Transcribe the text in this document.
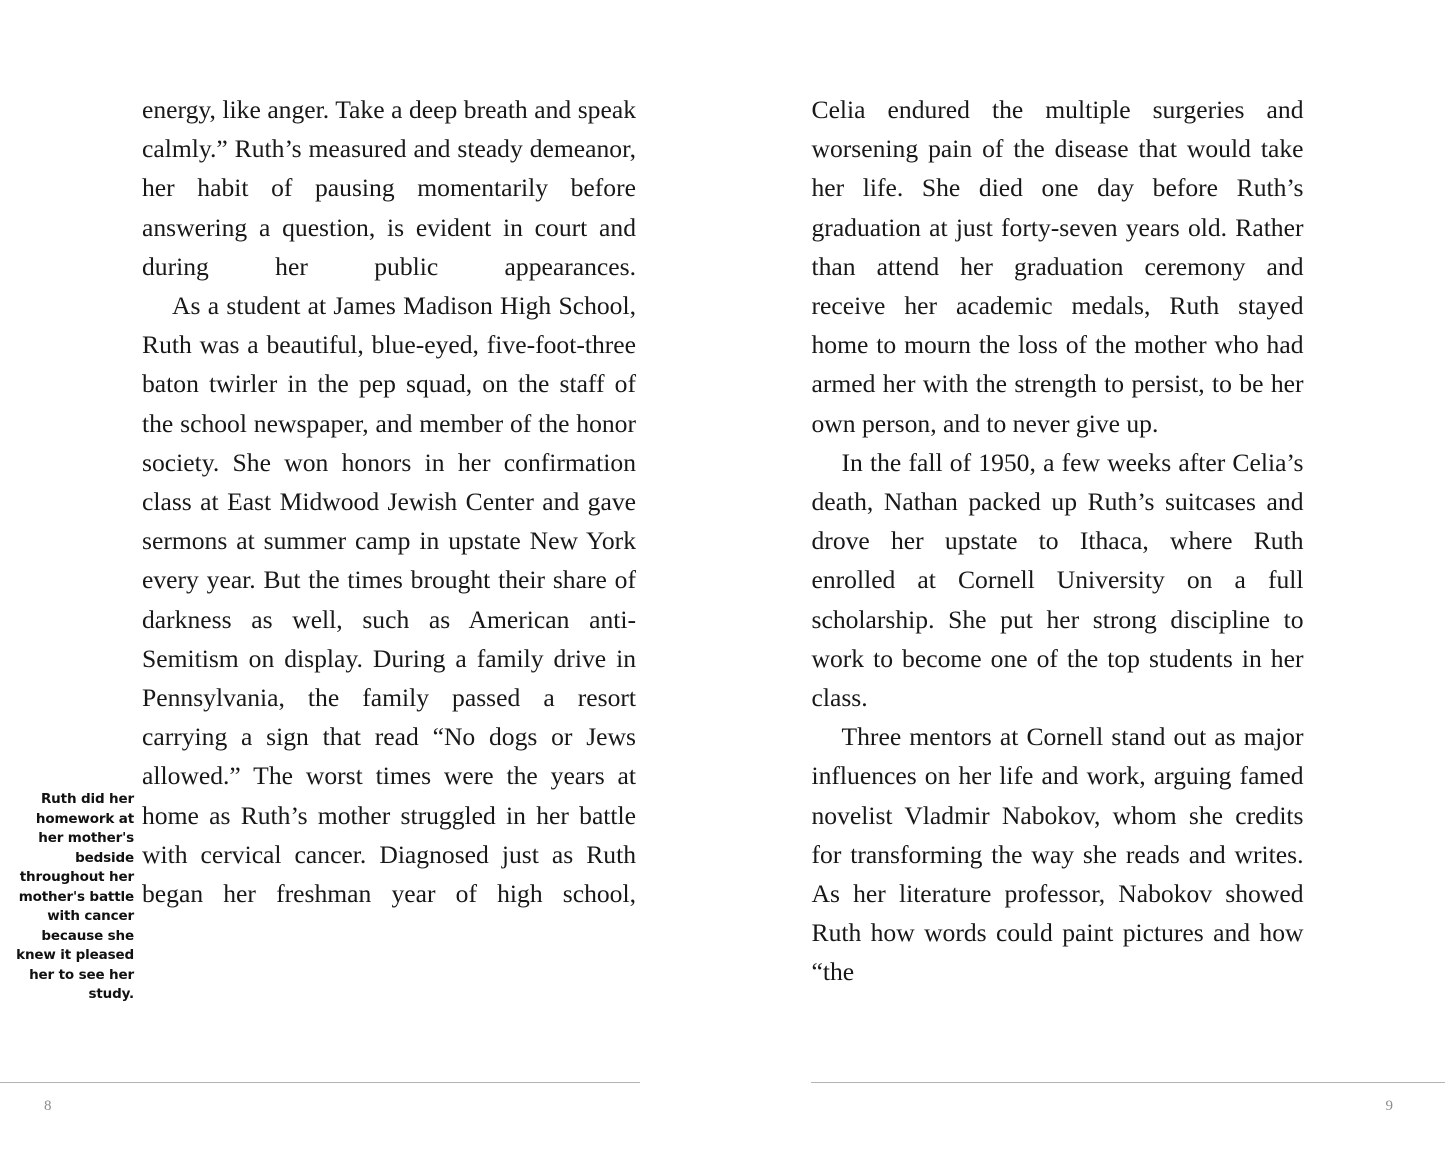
Ruth did her homework at her mother's bedside throughout her mother's battle with cancer because she knew it pleased her to see her study.

energy, like anger. Take a deep breath and speak calmly.” Ruth’s measured and steady demeanor, her habit of pausing momentarily before answering a question, is evident in court and during her public appearances.

As a student at James Madison High School, Ruth was a beautiful, blue-eyed, five-foot-three baton twirler in the pep squad, on the staff of the school newspaper, and member of the honor society. She won honors in her confirmation class at East Midwood Jewish Center and gave sermons at summer camp in upstate New York every year. But the times brought their share of darkness as well, such as American anti-Semitism on display. During a family drive in Pennsylvania, the family passed a resort carrying a sign that read “No dogs or Jews allowed.” The worst times were the years at home as Ruth’s mother struggled in her battle with cervical cancer. Diagnosed just as Ruth began her freshman year of high school,

8

Celia endured the multiple surgeries and worsening pain of the disease that would take her life. She died one day before Ruth’s graduation at just forty-seven years old. Rather than attend her graduation ceremony and receive her academic medals, Ruth stayed home to mourn the loss of the mother who had armed her with the strength to persist, to be her own person, and to never give up.

In the fall of 1950, a few weeks after Celia’s death, Nathan packed up Ruth’s suitcases and drove her upstate to Ithaca, where Ruth enrolled at Cornell University on a full scholarship. She put her strong discipline to work to become one of the top students in her class.

Three mentors at Cornell stand out as major influences on her life and work, arguing famed novelist Vladmir Nabokov, whom she credits for transforming the way she reads and writes. As her literature professor, Nabokov showed Ruth how words could paint pictures and how “the

9
